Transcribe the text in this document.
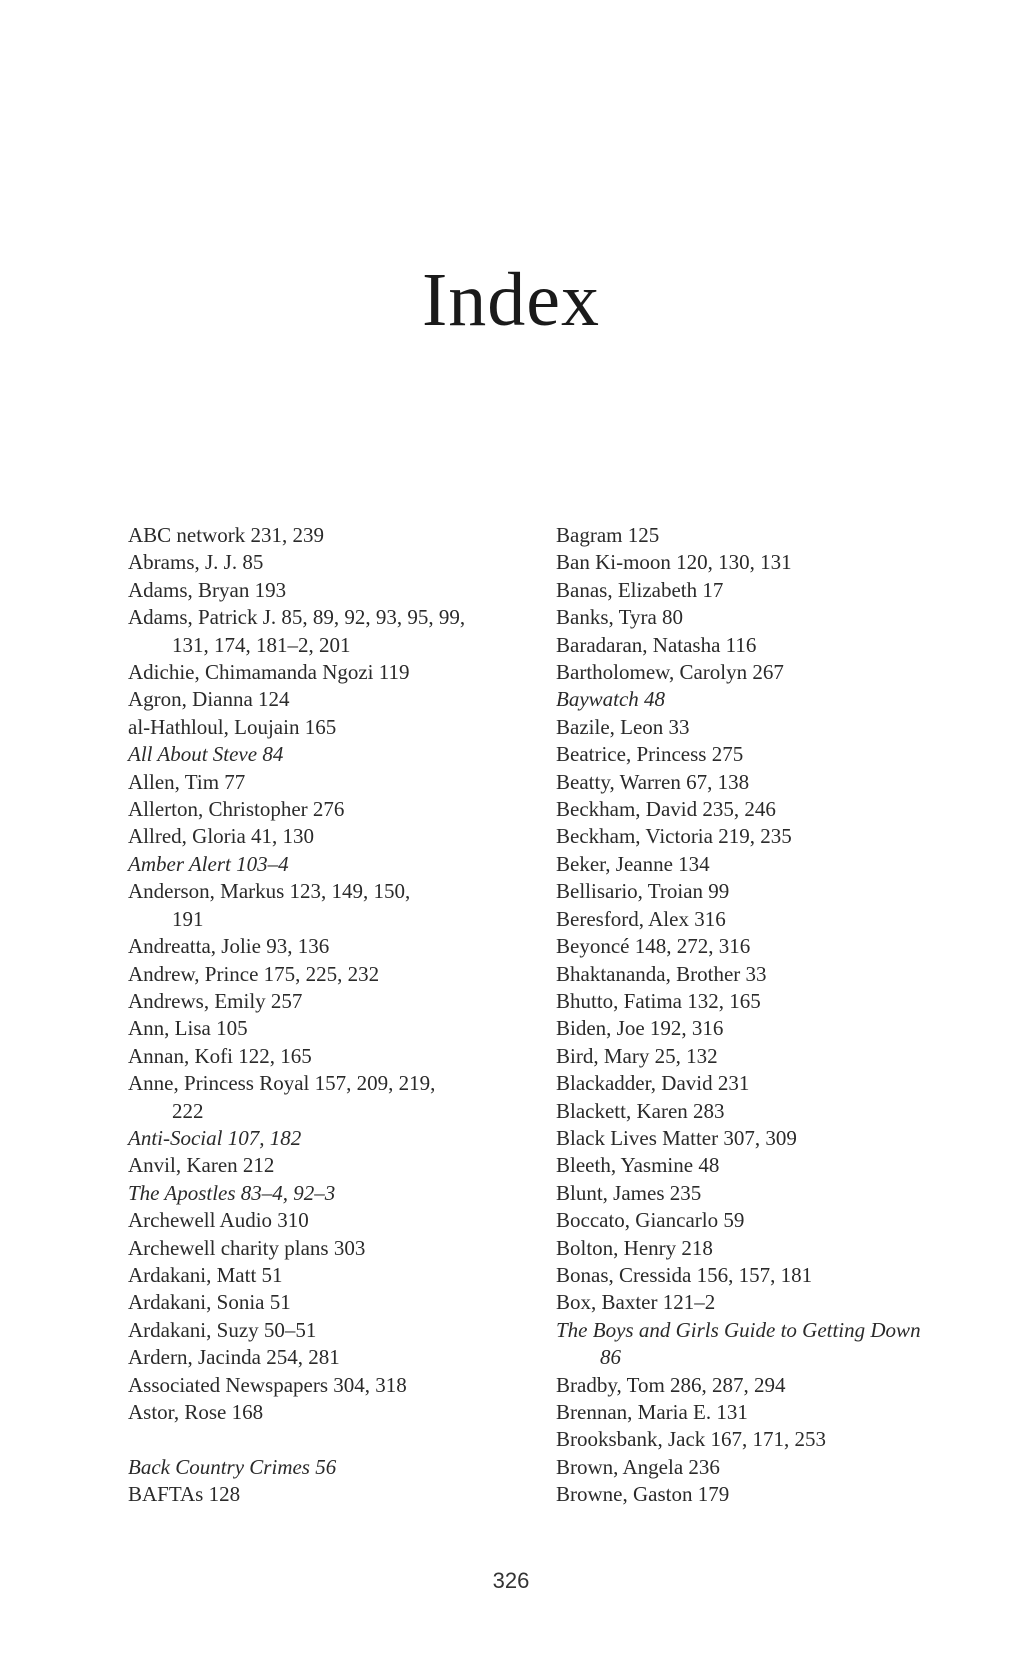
Index
ABC network 231, 239
Abrams, J. J. 85
Adams, Bryan 193
Adams, Patrick J. 85, 89, 92, 93, 95, 99,
131, 174, 181–2, 201
Adichie, Chimamanda Ngozi 119
Agron, Dianna 124
al-Hathloul, Loujain 165
All About Steve 84
Allen, Tim 77
Allerton, Christopher 276
Allred, Gloria 41, 130
Amber Alert 103–4
Anderson, Markus 123, 149, 150,
191
Andreatta, Jolie 93, 136
Andrew, Prince 175, 225, 232
Andrews, Emily 257
Ann, Lisa 105
Annan, Kofi 122, 165
Anne, Princess Royal 157, 209, 219,
222
Anti-Social 107, 182
Anvil, Karen 212
The Apostles 83–4, 92–3
Archewell Audio 310
Archewell charity plans 303
Ardakani, Matt 51
Ardakani, Sonia 51
Ardakani, Suzy 50–51
Ardern, Jacinda 254, 281
Associated Newspapers 304, 318
Astor, Rose 168
Back Country Crimes 56
BAFTAs 128
Bagram 125
Ban Ki-moon 120, 130, 131
Banas, Elizabeth 17
Banks, Tyra 80
Baradaran, Natasha 116
Bartholomew, Carolyn 267
Baywatch 48
Bazile, Leon 33
Beatrice, Princess 275
Beatty, Warren 67, 138
Beckham, David 235, 246
Beckham, Victoria 219, 235
Beker, Jeanne 134
Bellisario, Troian 99
Beresford, Alex 316
Beyoncé 148, 272, 316
Bhaktananda, Brother 33
Bhutto, Fatima 132, 165
Biden, Joe 192, 316
Bird, Mary 25, 132
Blackadder, David 231
Blackett, Karen 283
Black Lives Matter 307, 309
Bleeth, Yasmine 48
Blunt, James 235
Boccato, Giancarlo 59
Bolton, Henry 218
Bonas, Cressida 156, 157, 181
Box, Baxter 121–2
The Boys and Girls Guide to Getting Down
86
Bradby, Tom 286, 287, 294
Brennan, Maria E. 131
Brooksbank, Jack 167, 171, 253
Brown, Angela 236
Browne, Gaston 179
326
